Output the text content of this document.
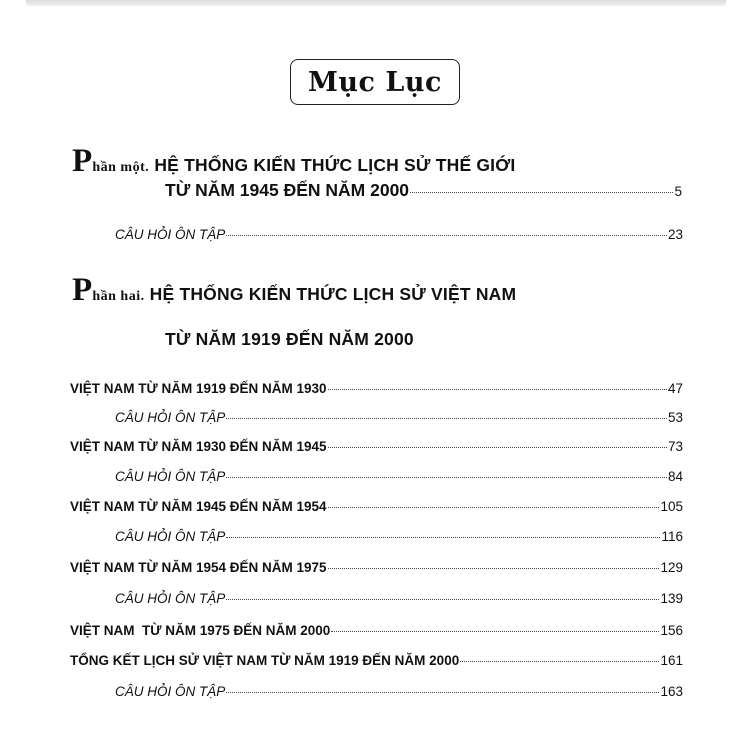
Mục Lục
Phần một. HỆ THỐNG KIẾN THỨC LỊCH SỬ THẾ GIỚI
TỪ NĂM 1945 ĐẾN NĂM 2000	5
CÂU HỎI ÔN TẬP	23
Phần hai. HỆ THỐNG KIẾN THỨC LỊCH SỬ VIỆT NAM
TỪ NĂM 1919 ĐẾN NĂM 2000
VIỆT NAM TỪ NĂM 1919 ĐẾN NĂM 1930	47
CÂU HỎI ÔN TẬP	53
VIỆT NAM TỪ NĂM 1930 ĐẾN NĂM 1945	73
CÂU HỎI ÔN TẬP	84
VIỆT NAM TỪ NĂM 1945 ĐẾN NĂM 1954	105
CÂU HỎI ÔN TẬP	116
VIỆT NAM TỪ NĂM 1954 ĐẾN NĂM 1975	129
CÂU HỎI ÔN TẬP	139
VIỆT NAM  TỪ NĂM 1975 ĐẾN NĂM 2000	156
TỔNG KẾT LỊCH SỬ VIỆT NAM TỪ NĂM 1919 ĐẾN NĂM 2000	161
CÂU HỎI ÔN TẬP	163
